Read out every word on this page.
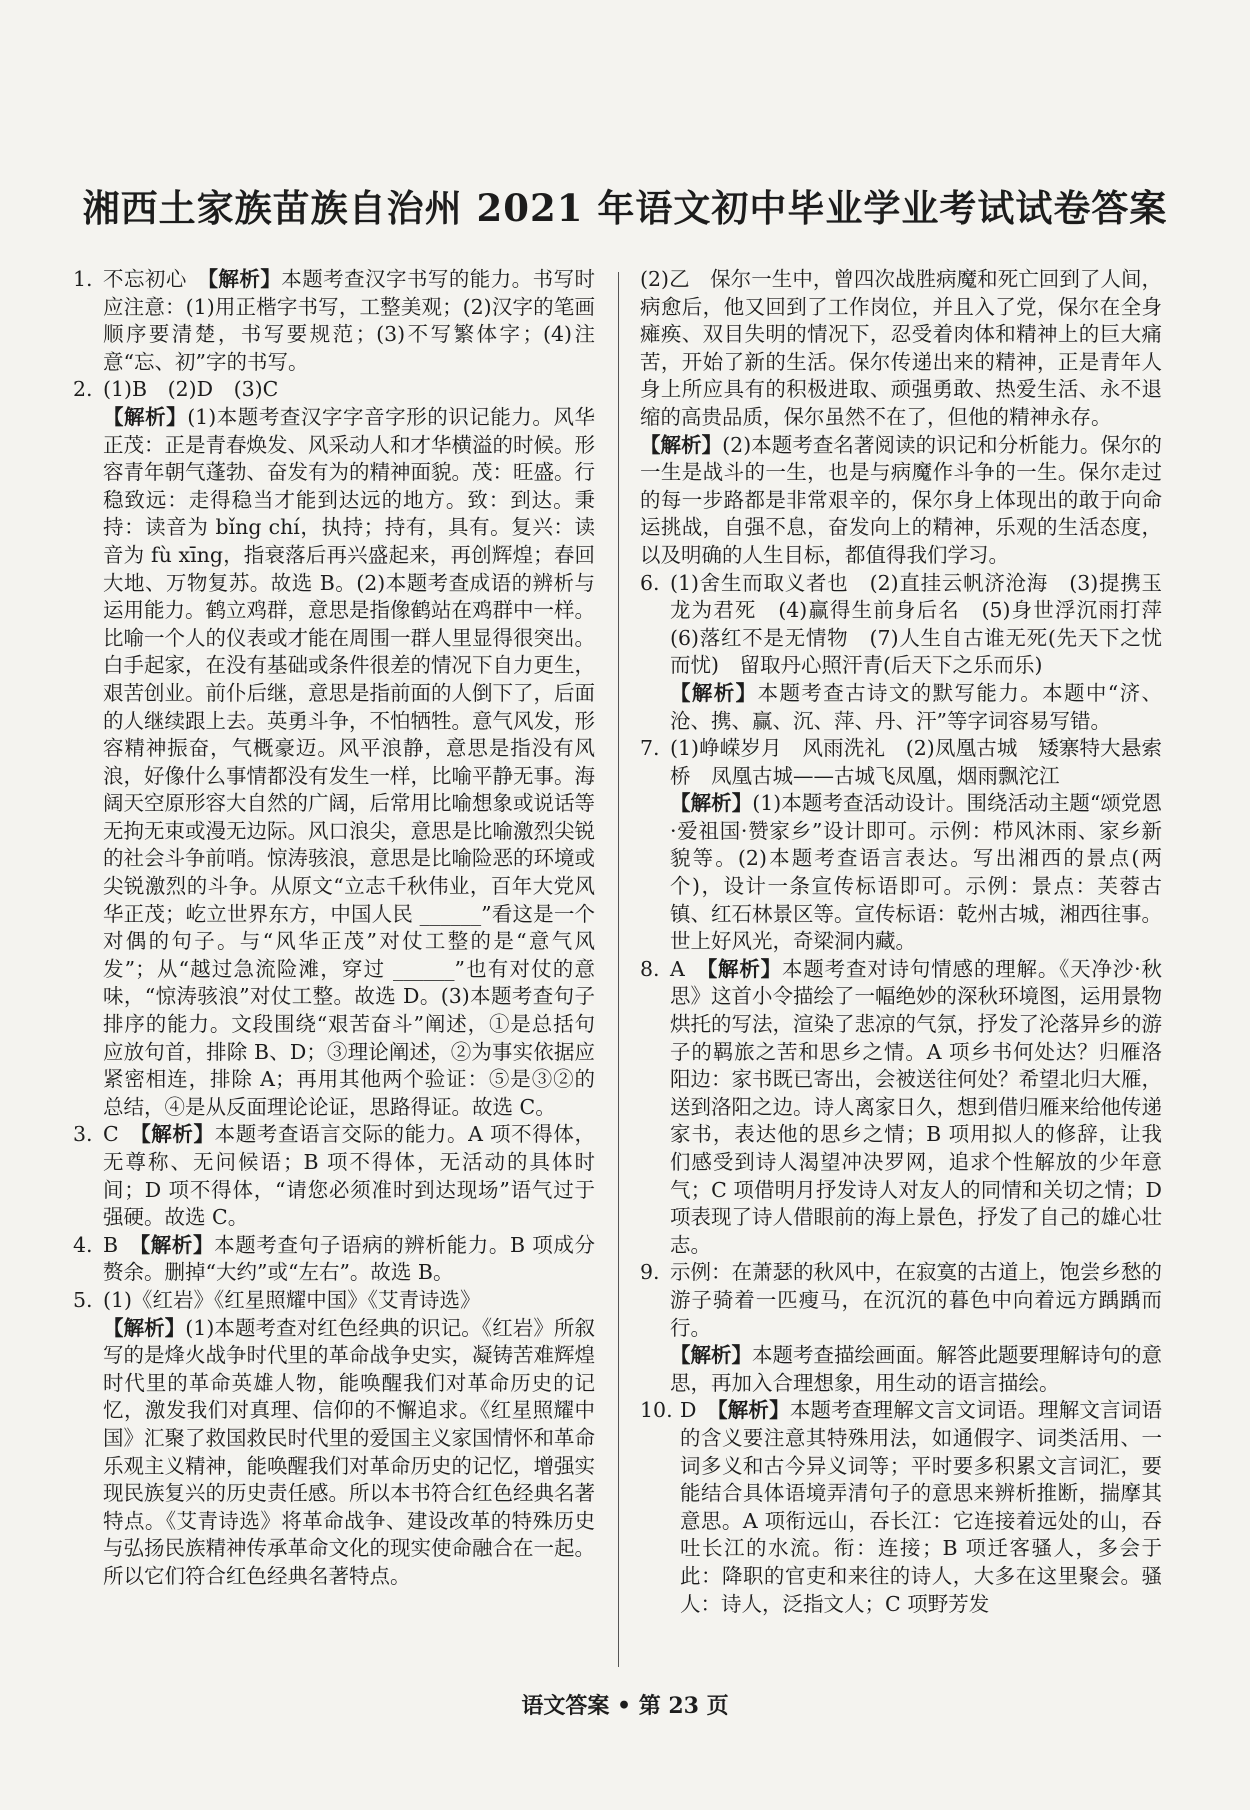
湘西土家族苗族自治州 2021 年语文初中毕业学业考试试卷答案
1. 不忘初心　【解析】本题考查汉字书写的能力。书写时应注意：(1)用正楷字书写，工整美观；(2)汉字的笔画顺序要清楚，书写要规范；(3)不写繁体字；(4)注意“忘、初”字的书写。
2. (1)B　(2)D　(3)C
【解析】(1)本题考查汉字字音字形的识记能力。风华正茂：正是青春焕发、风采动人和才华横溢的时候。形容青年朝气蓬勃、奋发有为的精神面貌。茂：旺盛。行稳致远：走得稳当才能到达远的地方。致：到达。秉持：读音为 bǐng chí，执持；持有，具有。复兴：读音为 fù xīng，指衰落后再兴盛起来，再创辉煌；春回大地、万物复苏。故选 B。(2)本题考查成语的辨析与运用能力。鹤立鸡群，意思是指像鹤站在鸡群中一样。比喻一个人的仪表或才能在周围一群人里显得很突出。白手起家，在没有基础或条件很差的情况下自力更生，艰苦创业。前仆后继，意思是指前面的人倒下了，后面的人继续跟上去。英勇斗争，不怕牺牲。意气风发，形容精神振奋，气概豪迈。风平浪静，意思是指没有风浪，好像什么事情都没有发生一样，比喻平静无事。海阔天空原形容大自然的广阔，后常用比喻想象或说话等无拘无束或漫无边际。风口浪尖，意思是比喻激烈尖锐的社会斗争前哨。惊涛骇浪，意思是比喻险恶的环境或尖锐激烈的斗争。从原文“立志千秋伟业，百年大党风华正茂；屹立世界东方，中国人民 ______”看这是一个对偶的句子。与“风华正茂”对仗工整的是“意气风发”；从“越过急流险滩，穿过 ______”也有对仗的意味，“惊涛骇浪”对仗工整。故选 D。(3)本题考查句子排序的能力。文段围绕“艰苦奋斗”阐述，①是总括句应放句首，排除 B、D；③理论阐述，②为事实依据应紧密相连，排除 A；再用其他两个验证：⑤是③②的总结，④是从反面理论论证，思路得证。故选 C。
3. C　【解析】本题考查语言交际的能力。A 项不得体，无尊称、无问候语；B 项不得体，无活动的具体时间；D 项不得体，“请您必须准时到达现场”语气过于强硬。故选 C。
4. B　【解析】本题考查句子语病的辨析能力。B 项成分赘余。删掉“大约”或“左右”。故选 B。
5. (1)《红岩》《红星照耀中国》《艾青诗选》
【解析】(1)本题考查对红色经典的识记。《红岩》所叙写的是烽火战争时代里的革命战争史实，凝铸苦难辉煌时代里的革命英雄人物，能唤醒我们对革命历史的记忆，激发我们对真理、信仰的不懈追求。《红星照耀中国》汇聚了救国救民时代里的爱国主义家国情怀和革命乐观主义精神，能唤醒我们对革命历史的记忆，增强实现民族复兴的历史责任感。所以本书符合红色经典名著特点。《艾青诗选》将革命战争、建设改革的特殊历史与弘扬民族精神传承革命文化的现实使命融合在一起。所以它们符合红色经典名著特点。
(2)乙　保尔一生中，曾四次战胜病魔和死亡回到了人间，病愈后，他又回到了工作岗位，并且入了党，保尔在全身瘫痪、双目失明的情况下，忍受着肉体和精神上的巨大痛苦，开始了新的生活。保尔传递出来的精神，正是青年人身上所应具有的积极进取、顽强勇敢、热爱生活、永不退缩的高贵品质，保尔虽然不在了，但他的精神永存。
【解析】(2)本题考查名著阅读的识记和分析能力。保尔的一生是战斗的一生，也是与病魔作斗争的一生。保尔走过的每一步路都是非常艰辛的，保尔身上体现出的敢于向命运挑战，自强不息，奋发向上的精神，乐观的生活态度，以及明确的人生目标，都值得我们学习。
6. (1)舍生而取义者也　(2)直挂云帆济沧海　(3)提携玉龙为君死　(4)赢得生前身后名　(5)身世浮沉雨打萍　(6)落红不是无情物　(7)人生自古谁无死(先天下之忧而忧)　留取丹心照汗青(后天下之乐而乐)
【解析】本题考查古诗文的默写能力。本题中“济、沧、携、赢、沉、萍、丹、汗”等字词容易写错。
7. (1)峥嵘岁月　风雨洗礼　(2)凤凰古城　矮寨特大悬索桥　凤凰古城——古城飞凤凰，烟雨飘沱江
【解析】(1)本题考查活动设计。围绕活动主题“颂党恩·爱祖国·赞家乡”设计即可。示例：栉风沐雨、家乡新貌等。(2)本题考查语言表达。写出湘西的景点(两个)，设计一条宣传标语即可。示例：景点：芙蓉古镇、红石林景区等。宣传标语：乾州古城，湘西往事。世上好风光，奇梁洞内藏。
8. A　【解析】本题考查对诗句情感的理解。《天净沙·秋思》这首小令描绘了一幅绝妙的深秋环境图，运用景物烘托的写法，渲染了悲凉的气氛，抒发了沦落异乡的游子的羁旅之苦和思乡之情。A 项乡书何处达？归雁洛阳边：家书既已寄出，会被送往何处？希望北归大雁，送到洛阳之边。诗人离家日久，想到借归雁来给他传递家书，表达他的思乡之情；B 项用拟人的修辞，让我们感受到诗人渴望冲决罗网，追求个性解放的少年意气；C 项借明月抒发诗人对友人的同情和关切之情；D 项表现了诗人借眼前的海上景色，抒发了自己的雄心壮志。
9. 示例：在萧瑟的秋风中，在寂寞的古道上，饱尝乡愁的游子骑着一匹瘦马，在沉沉的暮色中向着远方踽踽而行。
【解析】本题考查描绘画面。解答此题要理解诗句的意思，再加入合理想象，用生动的语言描绘。
10. D　【解析】本题考查理解文言文词语。理解文言词语的含义要注意其特殊用法，如通假字、词类活用、一词多义和古今异义词等；平时要多积累文言词汇，要能结合具体语境弄清句子的意思来辨析推断，揣摩其意思。A 项衔远山，吞长江：它连接着远处的山，吞吐长江的水流。衔：连接；B 项迁客骚人，多会于此：降职的官吏和来往的诗人，大多在这里聚会。骚人：诗人，泛指文人；C 项野芳发
语文答案 • 第 23 页
